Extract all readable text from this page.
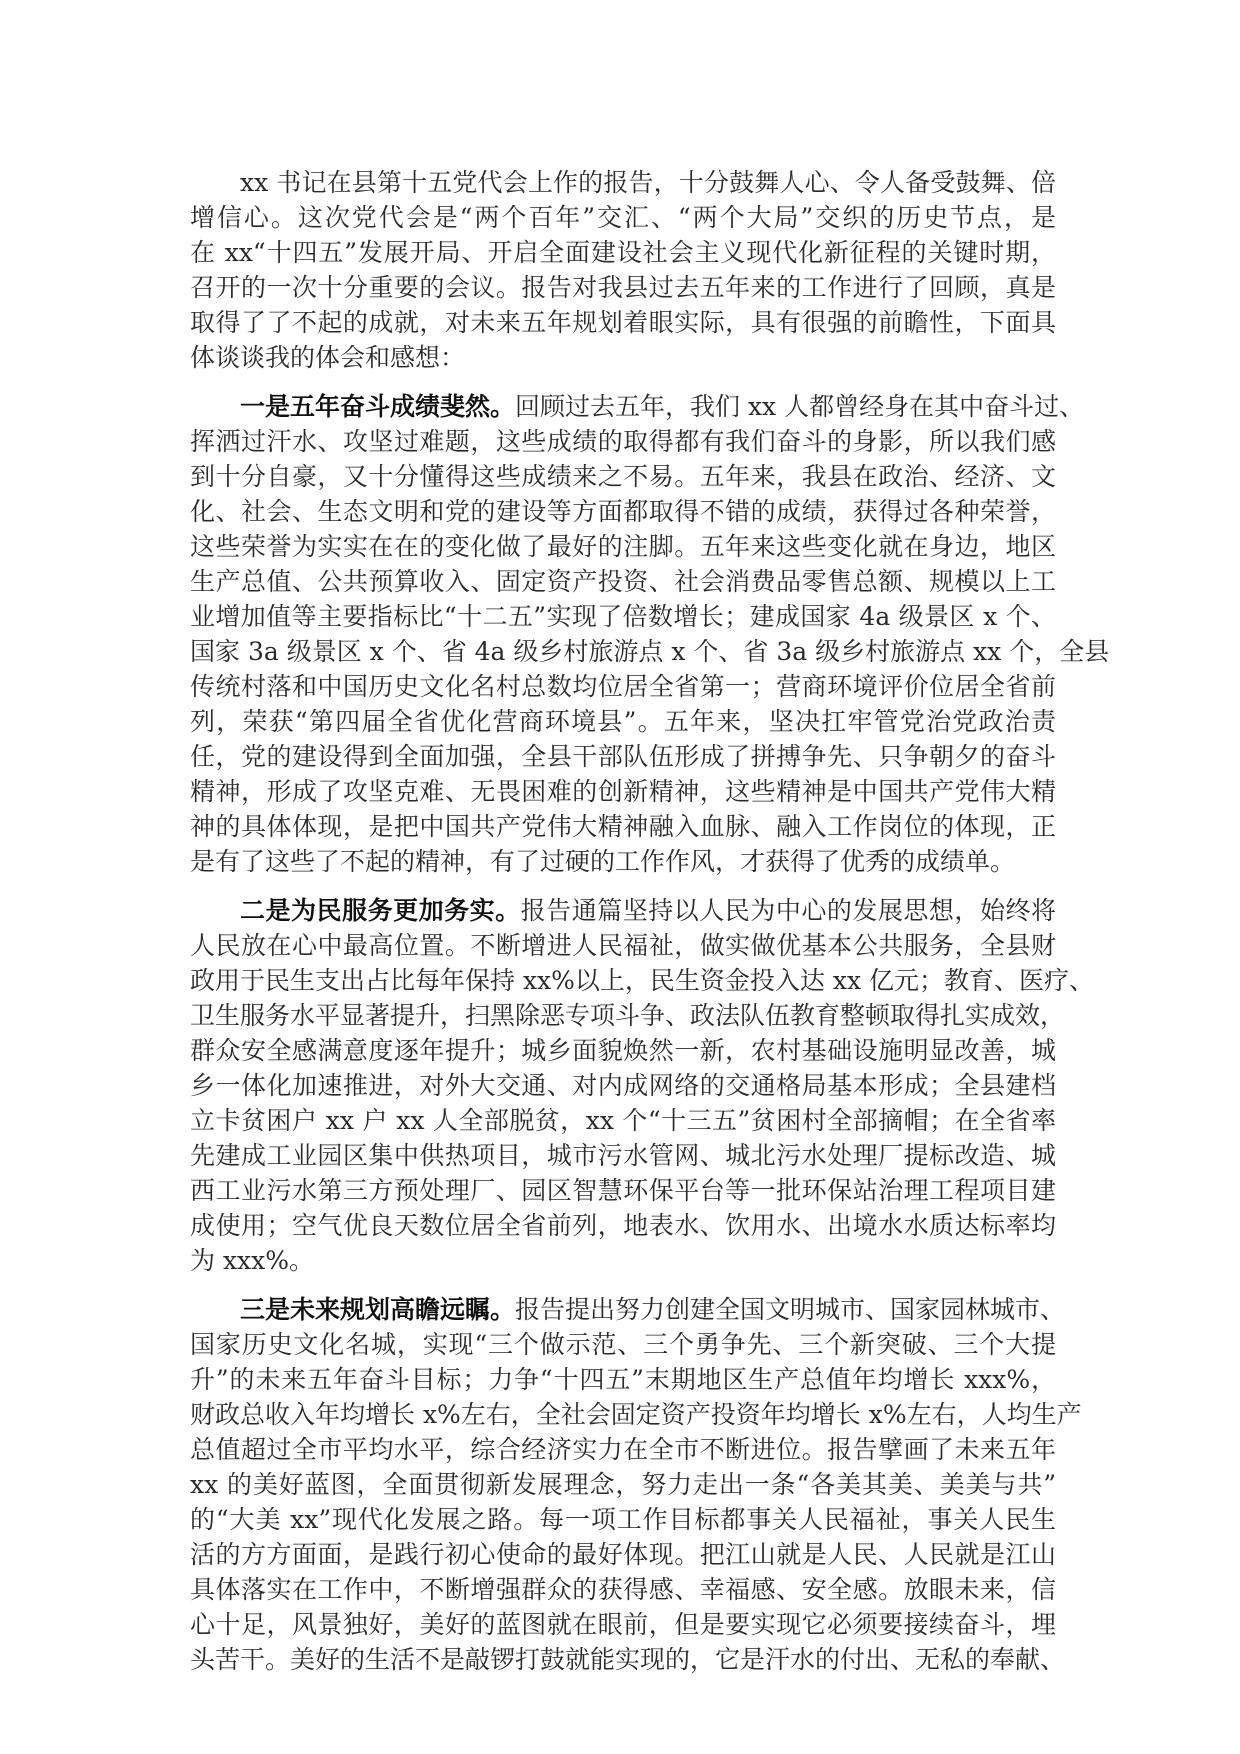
xx 书记在县第十五党代会上作的报告，十分鼓舞人心、令人备受鼓舞、倍
增信心。这次党代会是“两个百年”交汇、“两个大局”交织的历史节点，是
在 xx“十四五”发展开局、开启全面建设社会主义现代化新征程的关键时期，
召开的一次十分重要的会议。报告对我县过去五年来的工作进行了回顾，真是
取得了了不起的成就，对未来五年规划着眼实际，具有很强的前瞻性，下面具
体谈谈我的体会和感想：
一是五年奋斗成绩斐然。回顾过去五年，我们 xx 人都曾经身在其中奋斗过、
挥洒过汗水、攻坚过难题，这些成绩的取得都有我们奋斗的身影，所以我们感
到十分自豪，又十分懂得这些成绩来之不易。五年来，我县在政治、经济、文
化、社会、生态文明和党的建设等方面都取得不错的成绩，获得过各种荣誉，
这些荣誉为实实在在的变化做了最好的注脚。五年来这些变化就在身边，地区
生产总值、公共预算收入、固定资产投资、社会消费品零售总额、规模以上工
业增加值等主要指标比“十二五”实现了倍数增长；建成国家 4a 级景区 x 个、
国家 3a 级景区 x 个、省 4a 级乡村旅游点 x 个、省 3a 级乡村旅游点 xx 个，全县
传统村落和中国历史文化名村总数均位居全省第一；营商环境评价位居全省前
列，荣获“第四届全省优化营商环境县”。五年来，坚决扛牢管党治党政治责
任，党的建设得到全面加强，全县干部队伍形成了拼搏争先、只争朝夕的奋斗
精神，形成了攻坚克难、无畏困难的创新精神，这些精神是中国共产党伟大精
神的具体体现，是把中国共产党伟大精神融入血脉、融入工作岗位的体现，正
是有了这些了不起的精神，有了过硬的工作作风，才获得了优秀的成绩单。
二是为民服务更加务实。报告通篇坚持以人民为中心的发展思想，始终将
人民放在心中最高位置。不断增进人民福祉，做实做优基本公共服务，全县财
政用于民生支出占比每年保持 xx%以上，民生资金投入达 xx 亿元；教育、医疗、
卫生服务水平显著提升，扫黑除恶专项斗争、政法队伍教育整顿取得扎实成效，
群众安全感满意度逐年提升；城乡面貌焕然一新，农村基础设施明显改善，城
乡一体化加速推进，对外大交通、对内成网络的交通格局基本形成；全县建档
立卡贫困户 xx 户 xx 人全部脱贫，xx 个“十三五”贫困村全部摘帽；在全省率
先建成工业园区集中供热项目，城市污水管网、城北污水处理厂提标改造、城
西工业污水第三方预处理厂、园区智慧环保平台等一批环保站治理工程项目建
成使用；空气优良天数位居全省前列，地表水、饮用水、出境水水质达标率均
为 xxx%。
三是未来规划高瞻远瞩。报告提出努力创建全国文明城市、国家园林城市、
国家历史文化名城，实现“三个做示范、三个勇争先、三个新突破、三个大提
升”的未来五年奋斗目标；力争“十四五”末期地区生产总值年均增长 xxx%，
财政总收入年均增长 x%左右，全社会固定资产投资年均增长 x%左右，人均生产
总值超过全市平均水平，综合经济实力在全市不断进位。报告擘画了未来五年
xx 的美好蓝图，全面贯彻新发展理念，努力走出一条“各美其美、美美与共”
的“大美 xx”现代化发展之路。每一项工作目标都事关人民福祉，事关人民生
活的方方面面，是践行初心使命的最好体现。把江山就是人民、人民就是江山
具体落实在工作中，不断增强群众的获得感、幸福感、安全感。放眼未来，信
心十足，风景独好，美好的蓝图就在眼前，但是要实现它必须要接续奋斗，埋
头苦干。美好的生活不是敲锣打鼓就能实现的，它是汗水的付出、无私的奉献、
